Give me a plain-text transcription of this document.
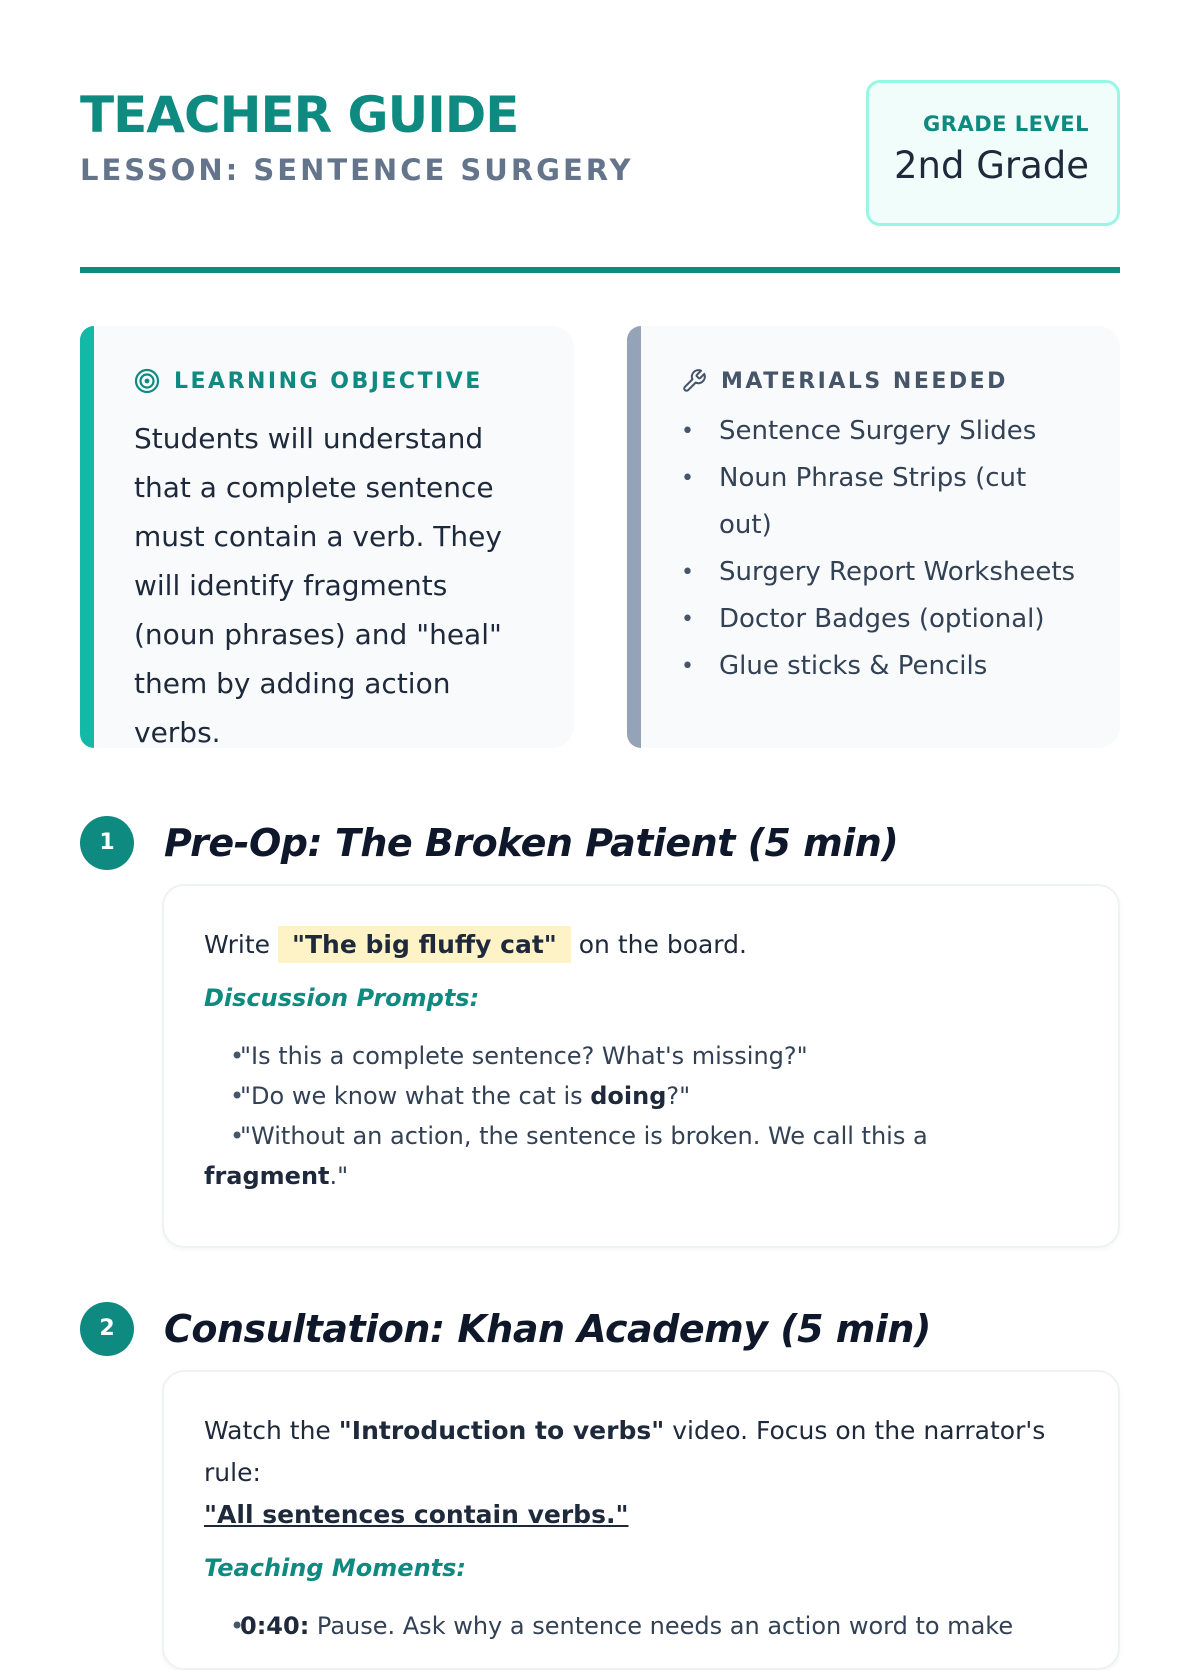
TEACHER GUIDE
LESSON: SENTENCE SURGERY
GRADE LEVEL
2nd Grade
LEARNING OBJECTIVE

Students will understand that a complete sentence must contain a verb. They will identify fragments (noun phrases) and "heal" them by adding action verbs.

MATERIALS NEEDED
• Sentence Surgery Slides
• Noun Phrase Strips (cut out)
• Surgery Report Worksheets
• Doctor Badges (optional)
• Glue sticks & Pencils
1	Pre-Op: The Broken Patient (5 min)
Write "The big fluffy cat" on the board.
Discussion Prompts:
•"Is this a complete sentence? What's missing?"
•"Do we know what the cat is doing?"
•"Without an action, the sentence is broken. We call this a
fragment."
2	Consultation: Khan Academy (5 min)
Watch the "Introduction to verbs" video. Focus on the narrator's rule:
"All sentences contain verbs."
Teaching Moments:
•0:40: Pause. Ask why a sentence needs an action word to make
